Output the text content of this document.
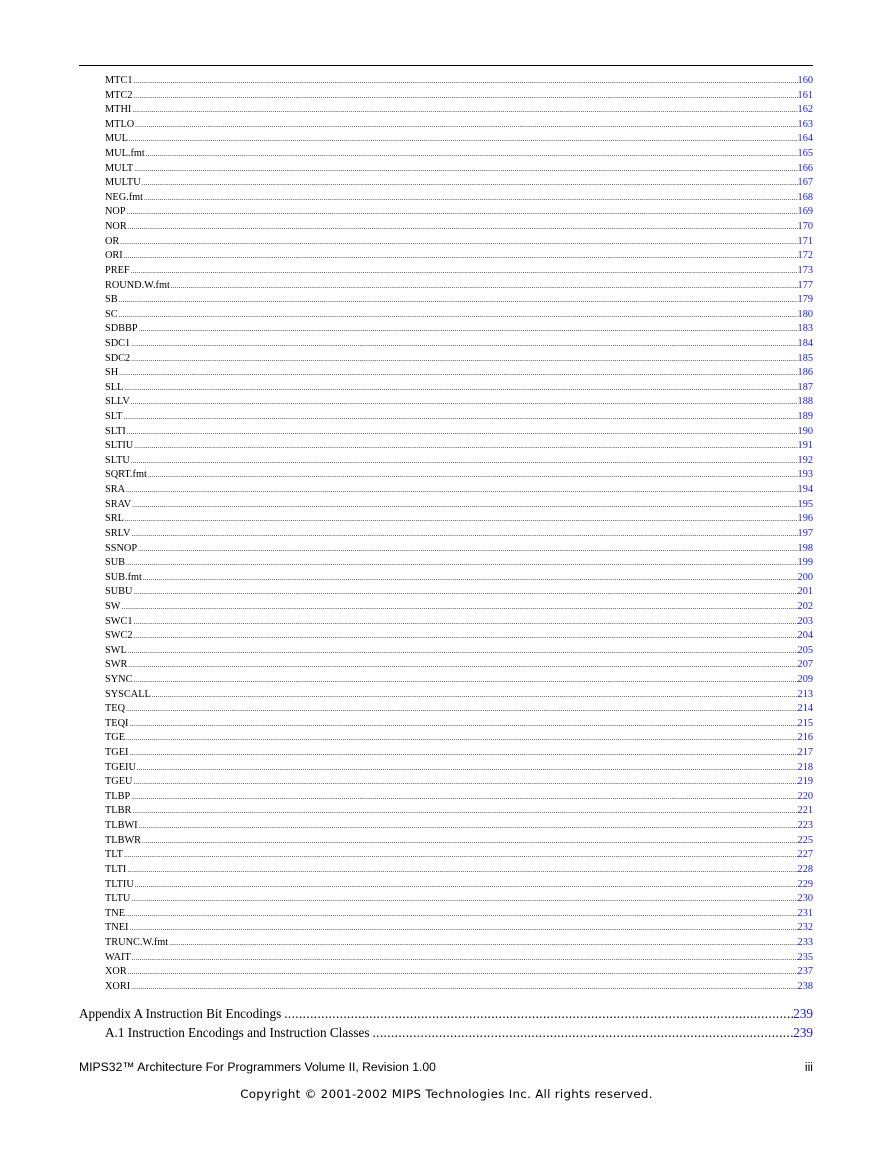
MTC1 .....	160
MTC2 .....	161
MTHI .....	162
MTLO .....	163
MUL .....	164
MUL.fmt .....	165
MULT .....	166
MULTU .....	167
NEG.fmt .....	168
NOP .....	169
NOR .....	170
OR .....	171
ORI .....	172
PREF .....	173
ROUND.W.fmt .....	177
SB .....	179
SC .....	180
SDBBP .....	183
SDC1 .....	184
SDC2 .....	185
SH .....	186
SLL .....	187
SLLV .....	188
SLT .....	189
SLTI .....	190
SLTIU .....	191
SLTU .....	192
SQRT.fmt .....	193
SRA .....	194
SRAV .....	195
SRL .....	196
SRLV .....	197
SSNOP .....	198
SUB .....	199
SUB.fmt .....	200
SUBU .....	201
SW .....	202
SWC1 .....	203
SWC2 .....	204
SWL .....	205
SWR .....	207
SYNC .....	209
SYSCALL .....	213
TEQ .....	214
TEQI .....	215
TGE .....	216
TGEI .....	217
TGEIU .....	218
TGEU .....	219
TLBP .....	220
TLBR .....	221
TLBWI .....	223
TLBWR .....	225
TLT .....	227
TLTI .....	228
TLTIU .....	229
TLTU .....	230
TNE .....	231
TNEI .....	232
TRUNC.W.fmt .....	233
WAIT .....	235
XOR .....	237
XORI .....	238
Appendix A Instruction Bit Encodings .....	239
A.1 Instruction Encodings and Instruction Classes .....	239
MIPS32™ Architecture For Programmers Volume II, Revision 1.00	iii
Copyright © 2001-2002 MIPS Technologies Inc. All rights reserved.
